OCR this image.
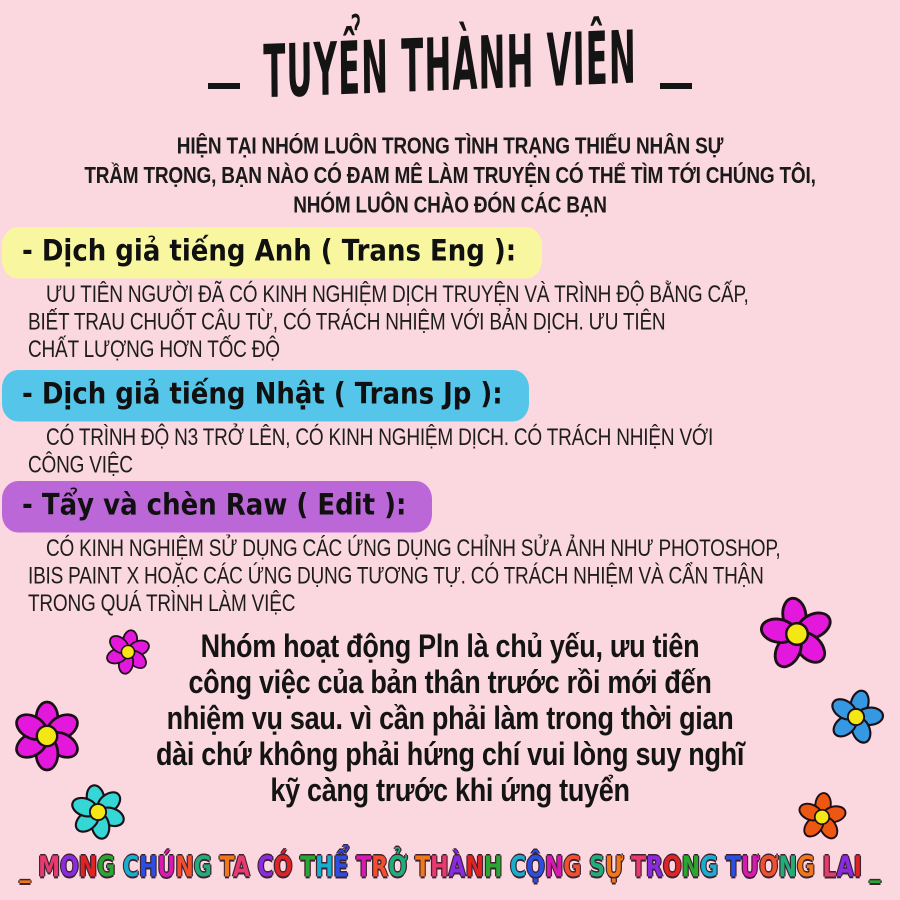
_ TUYỂN THÀNH VIÊN _
HIỆN TẠI NHÓM LUÔN TRONG TÌNH TRẠNG THIẾU NHÂN SỰ
TRẦM TRỌNG, BẠN NÀO CÓ ĐAM MÊ LÀM TRUYỆN CÓ THỂ TÌM TỚI CHÚNG TÔI,
NHÓM LUÔN CHÀO ĐÓN CÁC BẠN
- Dịch giả tiếng Anh ( Trans Eng ):
ƯU TIÊN NGƯỜI ĐÃ CÓ KINH NGHIỆM DỊCH TRUYỆN VÀ TRÌNH ĐỘ BẰNG CẤP,
BIẾT TRAU CHUỐT CÂU TỪ, CÓ TRÁCH NHIỆM VỚI BẢN DỊCH. ƯU TIÊN
CHẤT LƯỢNG HƠN TỐC ĐỘ
- Dịch giả tiếng Nhật ( Trans Jp ):
CÓ TRÌNH ĐỘ N3 TRỞ LÊN, CÓ KINH NGHIỆM DỊCH. CÓ TRÁCH NHIỆN VỚI
CÔNG VIỆC
- Tẩy và chèn Raw ( Edit ):
CÓ KINH NGHIỆM SỬ DỤNG CÁC ỨNG DỤNG CHỈNH SỬA ẢNH NHƯ PHOTOSHOP,
IBIS PAINT X HOẶC CÁC ỨNG DỤNG TƯƠNG TỰ. CÓ TRÁCH NHIỆM VÀ CẨN THẬN
TRONG QUÁ TRÌNH LÀM VIỆC
Nhóm hoạt động Pln là chủ yếu, ưu tiên
công việc của bản thân trước rồi mới đến
nhiệm vụ sau. vì cần phải làm trong thời gian
dài chứ không phải hứng chí vui lòng suy nghĩ
kỹ càng trước khi ứng tuyển
_ MONG CHÚNG TA CÓ THỂ TRỞ THÀNH CỘNG SỰ TRONG TƯƠNG LAI _
